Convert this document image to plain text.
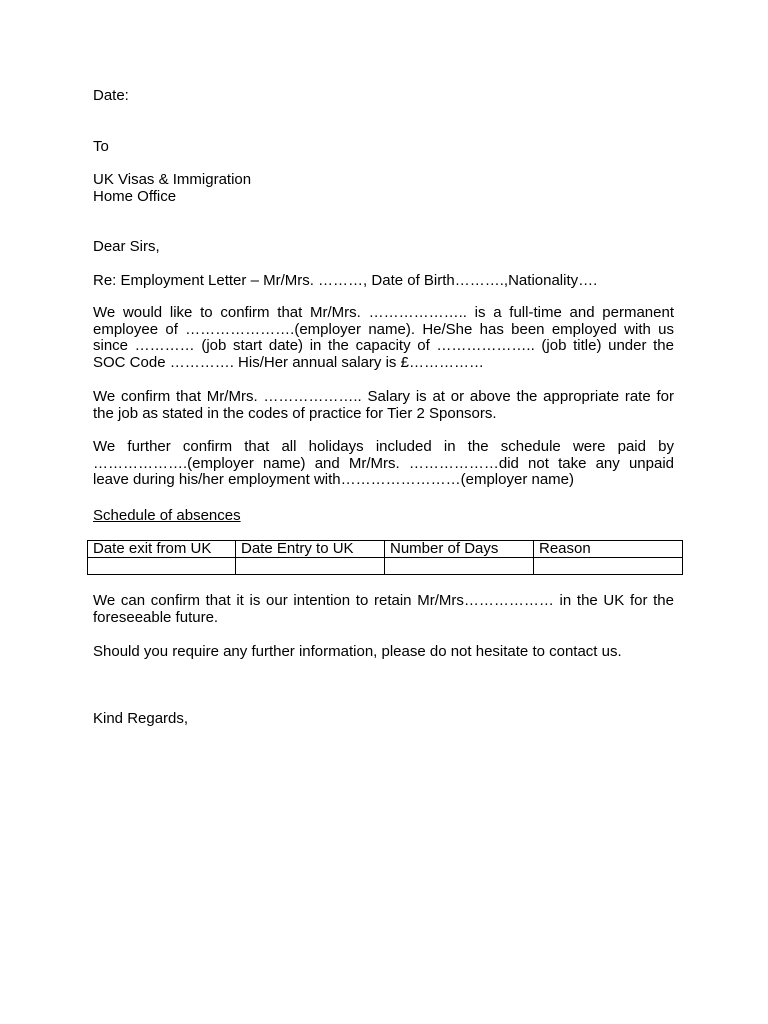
Date:
To
UK Visas & Immigration
Home Office
Dear Sirs,
Re: Employment Letter – Mr/Mrs. ………, Date of Birth……….,Nationality….
We would like to confirm that Mr/Mrs. ……………….. is a full-time and permanent
employee of ………………….(employer name). He/She has been employed with us
since ………… (job start date) in the capacity of ……………….. (job title) under the
SOC Code …………. His/Her annual salary is £……………
We confirm that Mr/Mrs. ……………….. Salary is at or above the appropriate rate for
the job as stated in the codes of practice for Tier 2 Sponsors.
We further confirm that all holidays included in the schedule were paid by
……………….(employer name) and Mr/Mrs. ………………did not take any unpaid
leave during his/her employment with……………………(employer name)
Schedule of absences
Date exit from UK	Date Entry to UK	Number of Days	Reason

We can confirm that it is our intention to retain Mr/Mrs……………… in the UK for the
foreseeable future.
Should you require any further information, please do not hesitate to contact us.
Kind Regards,
